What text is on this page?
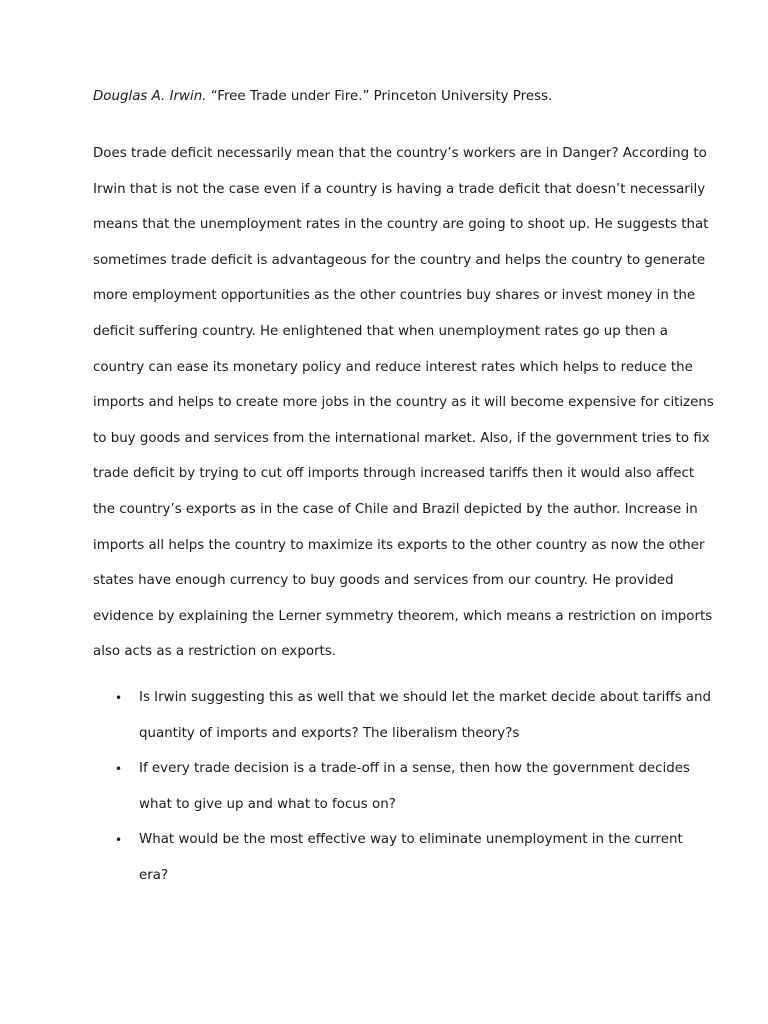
Douglas A. Irwin. “Free Trade under Fire.” Princeton University Press.
Does trade deficit necessarily mean that the country’s workers are in Danger? According to
Irwin that is not the case even if a country is having a trade deficit that doesn’t necessarily
means that the unemployment rates in the country are going to shoot up. He suggests that
sometimes trade deficit is advantageous for the country and helps the country to generate
more employment opportunities as the other countries buy shares or invest money in the
deficit suffering country. He enlightened that when unemployment rates go up then a
country can ease its monetary policy and reduce interest rates which helps to reduce the
imports and helps to create more jobs in the country as it will become expensive for citizens
to buy goods and services from the international market. Also, if the government tries to fix
trade deficit by trying to cut off imports through increased tariffs then it would also affect
the country’s exports as in the case of Chile and Brazil depicted by the author. Increase in
imports all helps the country to maximize its exports to the other country as now the other
states have enough currency to buy goods and services from our country. He provided
evidence by explaining the Lerner symmetry theorem, which means a restriction on imports
also acts as a restriction on exports.
• Is Irwin suggesting this as well that we should let the market decide about tariffs and
quantity of imports and exports? The liberalism theory?s
• If every trade decision is a trade-off in a sense, then how the government decides
what to give up and what to focus on?
• What would be the most effective way to eliminate unemployment in the current
era?
